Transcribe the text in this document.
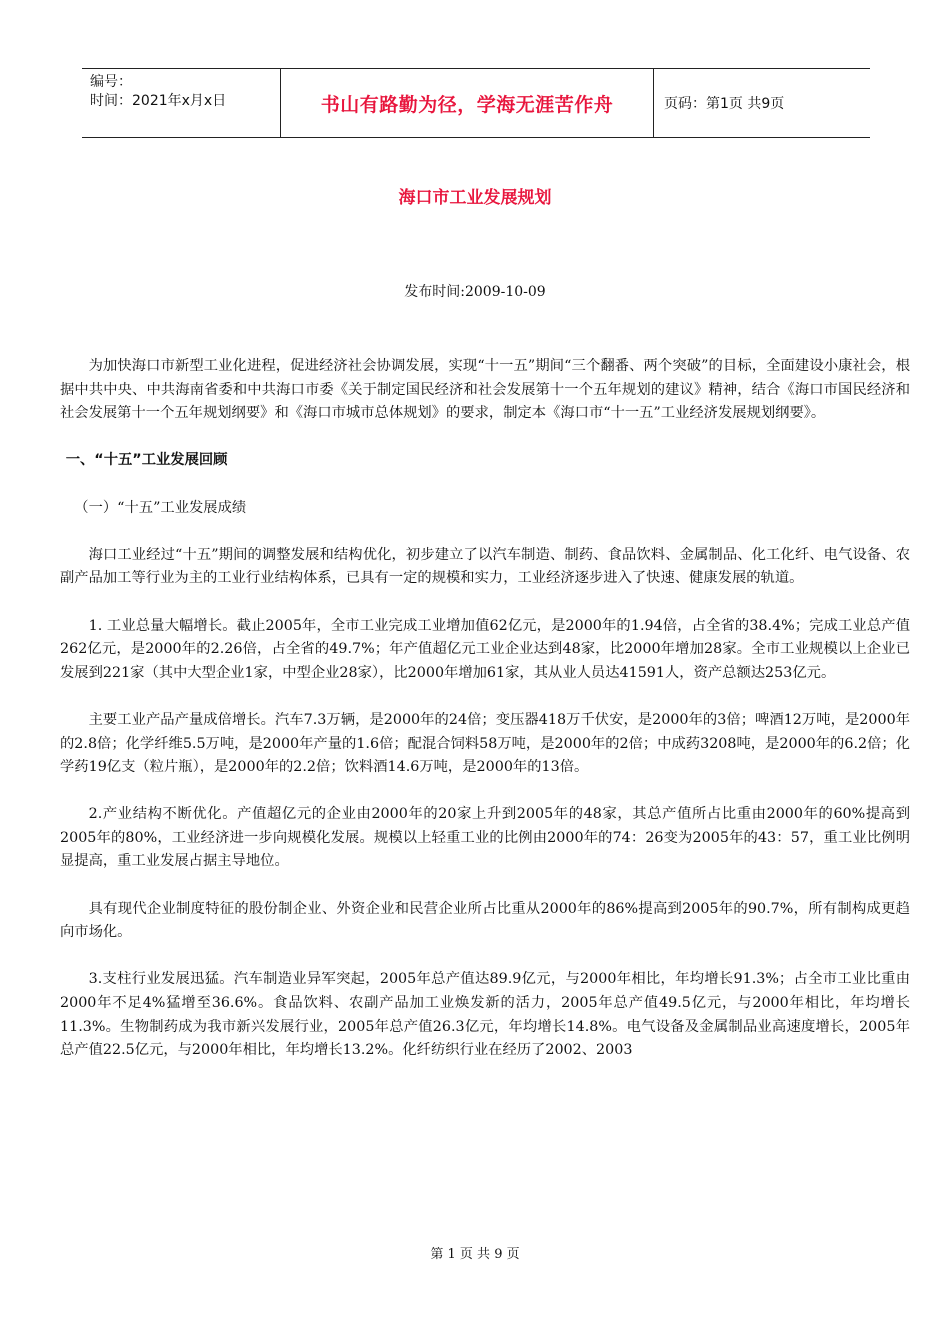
编号：
时间：2021年x月x日	书山有路勤为径，学海无涯苦作舟	页码：第1页 共9页
海口市工业发展规划
发布时间:2009-10-09

为加快海口市新型工业化进程，促进经济社会协调发展，实现“十一五”期间“三个翻番、两个突破”的目标，全面建设小康社会，根据中共中央、中共海南省委和中共海口市委《关于制定国民经济和社会发展第十一个五年规划的建议》精神，结合《海口市国民经济和社会发展第十一个五年规划纲要》和《海口市城市总体规划》的要求，制定本《海口市“十一五”工业经济发展规划纲要》。

一、“十五”工业发展回顾

（一）“十五”工业发展成绩

海口工业经过“十五”期间的调整发展和结构优化，初步建立了以汽车制造、制药、食品饮料、金属制品、化工化纤、电气设备、农副产品加工等行业为主的工业行业结构体系，已具有一定的规模和实力，工业经济逐步进入了快速、健康发展的轨道。

1. 工业总量大幅增长。截止2005年，全市工业完成工业增加值62亿元，是2000年的1.94倍，占全省的38.4%；完成工业总产值262亿元，是2000年的2.26倍，占全省的49.7%；年产值超亿元工业企业达到48家，比2000年增加28家。全市工业规模以上企业已发展到221家（其中大型企业1家，中型企业28家），比2000年增加61家，其从业人员达41591人，资产总额达253亿元。

主要工业产品产量成倍增长。汽车7.3万辆，是2000年的24倍；变压器418万千伏安，是2000年的3倍；啤酒12万吨，是2000年的2.8倍；化学纤维5.5万吨，是2000年产量的1.6倍；配混合饲料58万吨，是2000年的2倍；中成药3208吨，是2000年的6.2倍；化学药19亿支（粒片瓶），是2000年的2.2倍；饮料酒14.6万吨，是2000年的13倍。

2.产业结构不断优化。产值超亿元的企业由2000年的20家上升到2005年的48家，其总产值所占比重由2000年的60%提高到2005年的80%，工业经济进一步向规模化发展。规模以上轻重工业的比例由2000年的74：26变为2005年的43：57，重工业比例明显提高，重工业发展占据主导地位。

具有现代企业制度特征的股份制企业、外资企业和民营企业所占比重从2000年的86%提高到2005年的90.7%，所有制构成更趋向市场化。

3.支柱行业发展迅猛。汽车制造业异军突起，2005年总产值达89.9亿元，与2000年相比，年均增长91.3%；占全市工业比重由2000年不足4%猛增至36.6%。食品饮料、农副产品加工业焕发新的活力，2005年总产值49.5亿元，与2000年相比，年均增长11.3%。生物制药成为我市新兴发展行业，2005年总产值26.3亿元，年均增长14.8%。电气设备及金属制品业高速度增长，2005年总产值22.5亿元，与2000年相比，年均增长13.2%。化纤纺织行业在经历了2002、2003

第 1 页 共 9 页
